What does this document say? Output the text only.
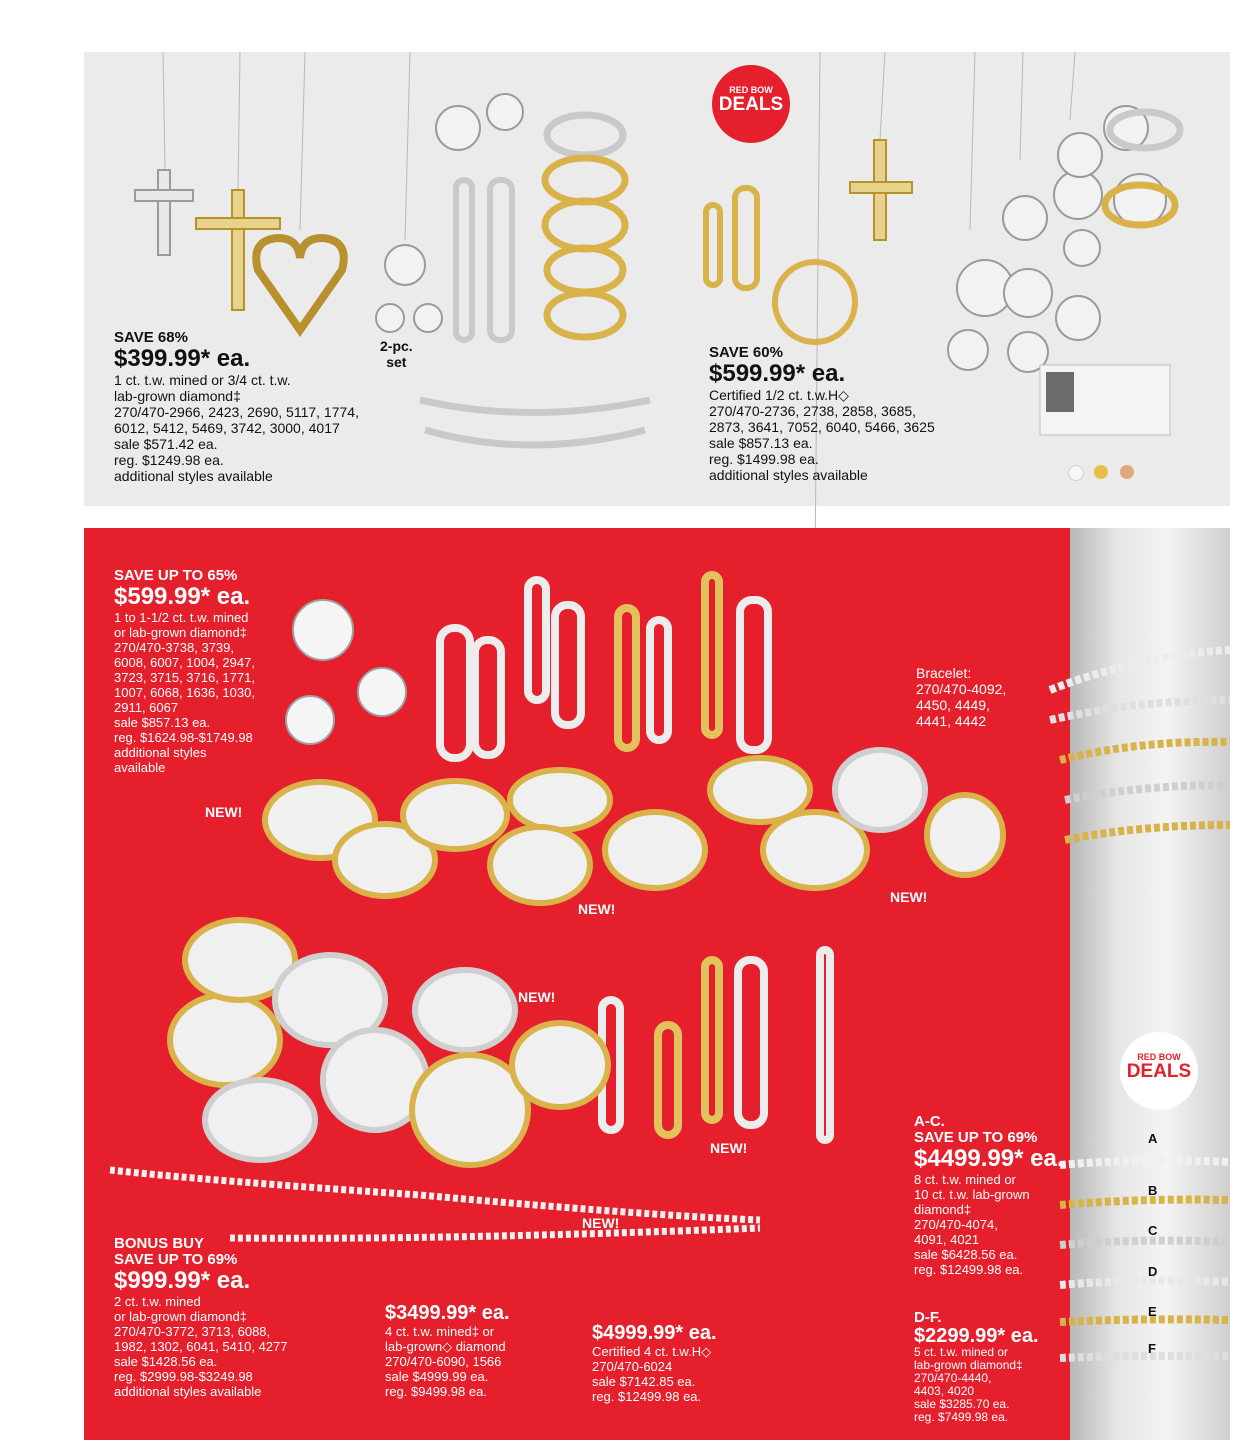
RED BOW
DEALS
2-pc.
set
SAVE 68%
$399.99* ea.
1 ct. t.w. mined or 3/4 ct. t.w.
lab-grown diamond‡
270/470-2966, 2423, 2690, 5117, 1774,
6012, 5412, 5469, 3742, 3000, 4017
sale $571.42 ea.
reg. $1249.98 ea.
additional styles available
SAVE 60%
$599.99* ea.
Certified 1/2 ct. t.w.H◇
270/470-2736, 2738, 2858, 3685,
2873, 3641, 7052, 6040, 5466, 3625
sale $857.13 ea.
reg. $1499.98 ea.
additional styles available
RED BOW
DEALS
NEW!
NEW!
NEW!
NEW!
NEW!
NEW!
SAVE UP TO 65%
$599.99* ea.
1 to 1-1/2 ct. t.w. mined
or lab-grown diamond‡
270/470-3738, 3739,
6008, 6007, 1004, 2947,
3723, 3715, 3716, 1771,
1007, 6068, 1636, 1030,
2911, 6067
sale $857.13 ea.
reg. $1624.98-$1749.98
additional styles
available
Bracelet:
270/470-4092,
4450, 4449,
4441, 4442
A-C.
SAVE UP TO 69%
$4499.99* ea.
8 ct. t.w. mined or
10 ct. t.w. lab-grown
diamond‡
270/470-4074,
4091, 4021
sale $6428.56 ea.
reg. $12499.98 ea.
D-F.
$2299.99* ea.
5 ct. t.w. mined or
lab-grown diamond‡
270/470-4440,
4403, 4020
sale $3285.70 ea.
reg. $7499.98 ea.
A
B
C
D
E
F
BONUS BUY
SAVE UP TO 69%
$999.99* ea.
2 ct. t.w. mined
or lab-grown diamond‡
270/470-3772, 3713, 6088,
1982, 1302, 6041, 5410, 4277
sale $1428.56 ea.
reg. $2999.98-$3249.98
additional styles available
$3499.99* ea.
4 ct. t.w. mined‡ or
lab-grown◇ diamond
270/470-6090, 1566
sale $4999.99 ea.
reg. $9499.98 ea.
$4999.99* ea.
Certified 4 ct. t.w.H◇
270/470-6024
sale $7142.85 ea.
reg. $12499.98 ea.
